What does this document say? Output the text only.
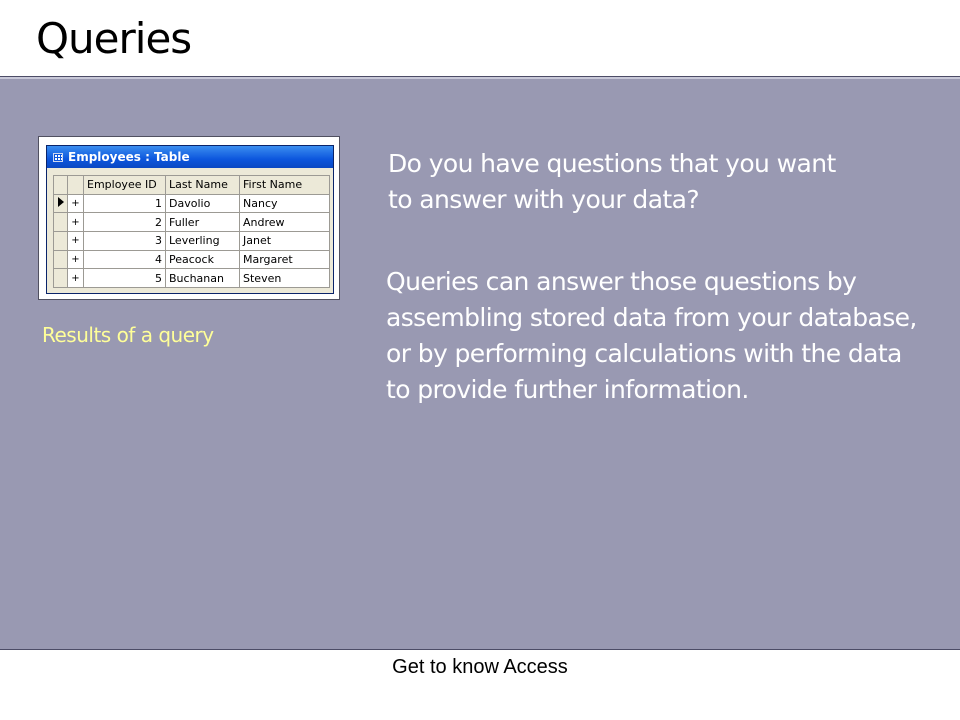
Queries
Employees : Table
		Employee ID	Last Name	First Name
	+	1	Davolio	Nancy
	+	2	Fuller	Andrew
	+	3	Leverling	Janet
	+	4	Peacock	Margaret
	+	5	Buchanan	Steven
Results of a query
Do you have questions that you want to answer with your data?
Queries can answer those questions by assembling stored data from your database, or by performing calculations with the data to provide further information.
Get to know Access
